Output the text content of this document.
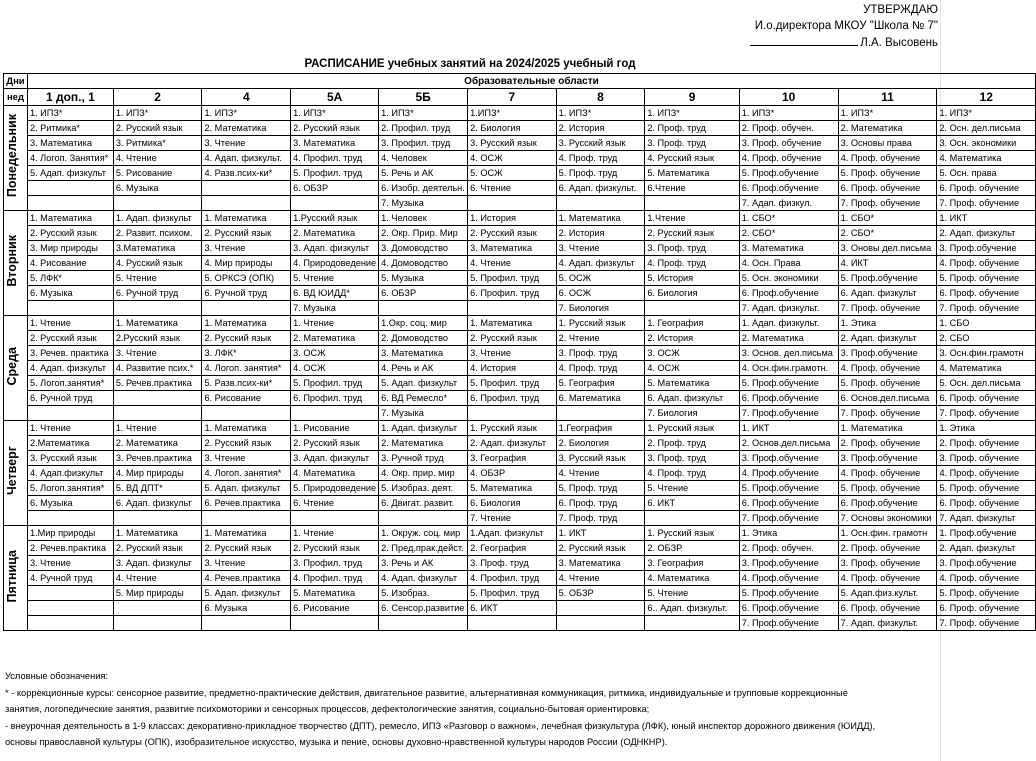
УТВЕРЖДАЮ
И.о.директора МКОУ "Школа № 7"
Л.А. Высовень
РАСПИСАНИЕ учебных занятий на 2024/2025 учебный год
Дни	Образовательные области										
нед	1 доп., 1	2	4	5А	5Б	7	8	9	10	11	12
Понедельник	1. ИПЗ*	1. ИПЗ*	1. ИПЗ*	1. ИПЗ*	1. ИПЗ*	1.ИПЗ*	1. ИПЗ*	1. ИПЗ*	1. ИПЗ*	1. ИПЗ*	1. ИПЗ*
	2. Ритмика*	2. Русский язык	2. Математика	2. Русский язык	2. Профил. труд	2. Биология	2. История	2. Проф. труд	2. Проф. обучен.	2. Математика	2. Осн. дел.письма
	3. Математика	3. Ритмика*	3. Чтение	3. Математика	3. Профил. труд	3. Русский язык	3. Русский язык	3. Проф. труд	3. Проф. обучение	3. Основы права	3. Осн. экономики
	4. Логоп. Занятия*	4. Чтение	4. Адап. физкульт.	4. Профил. труд	4. Человек	4. ОСЖ	4. Проф. труд	4. Русский язык	4. Проф. обучение	4. Проф. обучение	4. Математика
	5. Адап. физкульт	5. Рисование	4. Разв.псих-ки*	5. Профил. труд	5. Речь и АК	5. ОСЖ	5. Проф. труд	5. Математика	5. Проф.обучение	5. Проф. обучение	5. Осн. права
		6. Музыка		6. ОБЗР	6. Изобр. деятельн.	6. Чтение	6. Адап. физкульт.	6.Чтение	6. Проф.обучение	6. Проф. обучение	6. Проф. обучение
					7. Музыка				7. Адап. физкул.	7. Проф. обучение	7. Проф. обучение
Вторник	1. Математика	1. Адап. физкульт	1. Математика	1.Русский язык	1. Человек	1. История	1. Математика	1.Чтение	1. СБО*	1. СБО*	1. ИКТ
	2. Русский язык	2. Развит. психом.	2. Русский язык	2. Математика	2. Окр. Прир. Мир	2. Русский язык	2. История	2. Русский язык	2. СБО*	2. СБО*	2. Адап. физкульт
	3. Мир природы	3.Математика	3. Чтение	3. Адап. физкульт	3. Домоводство	3. Математика	3. Чтение	3. Проф. труд	3. Математика	3. Оновы дел.письма	3. Проф.обучение
	4. Рисование	4. Русский язык	4. Мир природы	4. Природоведение	4. Домоводство	4. Чтение	4. Адап. физкульт	4. Проф. труд	4. Осн. Права	4. ИКТ	4. Проф. обучение
	5. ЛФК*	5. Чтение	5. ОРКСЭ (ОПК)	5. Чтение	5. Музыка	5. Профил. труд	5. ОСЖ	5. История	5. Осн. экономики	5. Проф.обучение	5. Проф. обучение
	6. Музыка	6. Ручной труд	6. Ручной труд	6. ВД ЮИДД*	6. ОБЗР	6. Профил. труд	6. ОСЖ	6. Биология	6. Проф.обучение	6. Адап. физкульт	6. Проф. обучение
				7. Музыка			7. Биология		7. Адап. физкульт.	7. Проф. обучение	7. Проф. обучение
Среда	1. Чтение	1. Математика	1. Математика	1. Чтение	1.Окр. соц. мир	1. Математика	1. Русский язык	1. География	1. Адап. физкульт.	1. Этика	1. СБО
	2. Русский язык	2.Русский язык	2. Русский язык	2. Математика	2. Домоводство	2. Русский язык	2. Чтение	2. История	2. Математика	2. Адап. физкульт	2. СБО
	3. Речев. практика	3. Чтение	3. ЛФК*	3. ОСЖ	3. Математика	3. Чтение	3. Проф. труд	3. ОСЖ	3. Основ. дел.письма	3. Проф.обучение	3. Осн.фин.грамотн
	4. Адап. физкульт	4. Развитие псих.*	4. Логоп. занятия*	4. ОСЖ	4. Речь и АК	4. История	4. Проф. труд	4. ОСЖ	4. Осн.фин.грамотн.	4. Проф. обучение	4. Математика
	5. Логоп.занятия*	5. Речев.практика	5. Разв.псих-ки*	5. Профил. труд	5. Адап. физкульт	5. Профил. труд	5. География	5. Математика	5. Проф.обучение	5. Проф. обучение	5. Осн. дел.письма
	6. Ручной труд		6. Рисование	6. Профил. труд	6. ВД Ремесло*	6. Профил. труд	6. Математика	6. Адап. физкульт	6. Проф.обучение	6. Основ.дел.письма	6. Проф. обучение
					7. Музыка			7. Биология	7. Проф.обучение	7. Проф. обучение	7. Проф. обучение
Четверг	1. Чтение	1. Чтение	1. Математика	1. Рисование	1. Адап. физкульт	1. Русский язык	1.География	1. Русский язык	1. ИКТ	1. Математика	1. Этика
	2.Математика	2. Математика	2. Русский язык	2. Русский язык	2. Математика	2. Адап. физкульт	2. Биология	2. Проф. труд	2. Основ.дел.письма	2. Проф. обучение	2. Проф. обучение
	3. Русский язык	3. Речев.практика	3. Чтение	3. Адап. физкульт	3. Ручной труд	3. География	3. Русский язык	3. Проф. труд	3. Проф.обучение	3. Проф.обучение	3. Проф. обучение
	4. Адап.физкульт	4. Мир природы	4. Логоп. занятия*	4. Математика	4. Окр. прир. мир	4. ОБЗР	4. Чтение	4. Проф. труд	4. Проф.обучение	4. Проф. обучение	4. Проф. обучение
	5. Логоп.занятия*	5. ВД ДПТ*	5. Адап. физкульт	5. Природоведение	5. Изобраз. деят.	5. Математика	5. Проф. труд	5. Чтение	5. Проф.обучение	5. Проф. обучение	5. Проф. обучение
	6. Музыка	6. Адап. физкульт	6. Речев.практика	6. Чтение	6. Двигат. развит.	6. Биология	6. Проф. труд	6. ИКТ	6. Проф.обучение	6. Проф.обучение	6. Проф. обучение
						7. Чтение	7. Проф. труд		7. Проф.обучение	7. Основы экономики	7. Адап. физкульт
Пятница	1.Мир природы	1. Математика	1. Математика	1. Чтение	1. Окруж. соц. мир	1.Адап. физкульт	1. ИКТ	1. Русский язык	1. Этика	1. Осн.фин. грамотн	1. Проф.обучение
	2. Речев.практика	2. Русский язык	2. Русский язык	2. Русский язык	2. Пред.прак.дейст.	2. География	2. Русский язык	2. ОБЗР	2. Проф. обучен.	2. Проф. обучение	2. Адап. физкульт
	3. Чтение	3. Адап. физкульт	3. Чтение	3. Профил. труд	3. Речь и АК	3. Проф. труд	3. Математика	3. География	3. Проф.обучение	3. Проф. обучение	3. Проф.обучение
	4. Ручной труд	4. Чтение	4. Речев.практика	4. Профил. труд	4. Адап. физкульт	4. Профил. труд	4. Чтение	4. Математика	4. Проф.обучение	4. Проф. обучение	4. Проф. обучение
		5. Мир природы	5. Адап. физкульт	5. Математика	5. Изобраз.	5. Профил. труд	5. ОБЗР	5. Чтение	5. Проф.обучение	5. Адап.физ.культ.	5. Проф. обучение
			6. Музыка	6. Рисование	6. Сенсор.развитие	6. ИКТ		6.. Адап. физкульт.	6. Проф.обучение	6. Проф. обучение	6. Проф. обучение
									7. Проф.обучение	7. Адап. физкульт.	7. Проф. обучение
Условные обозначения:
* - коррекционные курсы: сенсорное развитие, предметно-практические действия, двигательное развитие, альтернативная коммуникация, ритмика, индивидуальные и групповые коррекционные
занятия, логопедические занятия, развитие психомоторики и сенсорных процессов, дефектологические занятия, социально-бытовая ориентировка;
- внеурочная деятельность в 1-9 классах: декоративно-прикладное творчество (ДПТ), ремесло, ИПЗ «Разговор о важном», лечебная физкультура (ЛФК), юный инспектор дорожного движения (ЮИДД),
основы православной культуры (ОПК), изобразительное искусство, музыка и пение, основы духовно-нравственной культуры народов России (ОДНКНР).
